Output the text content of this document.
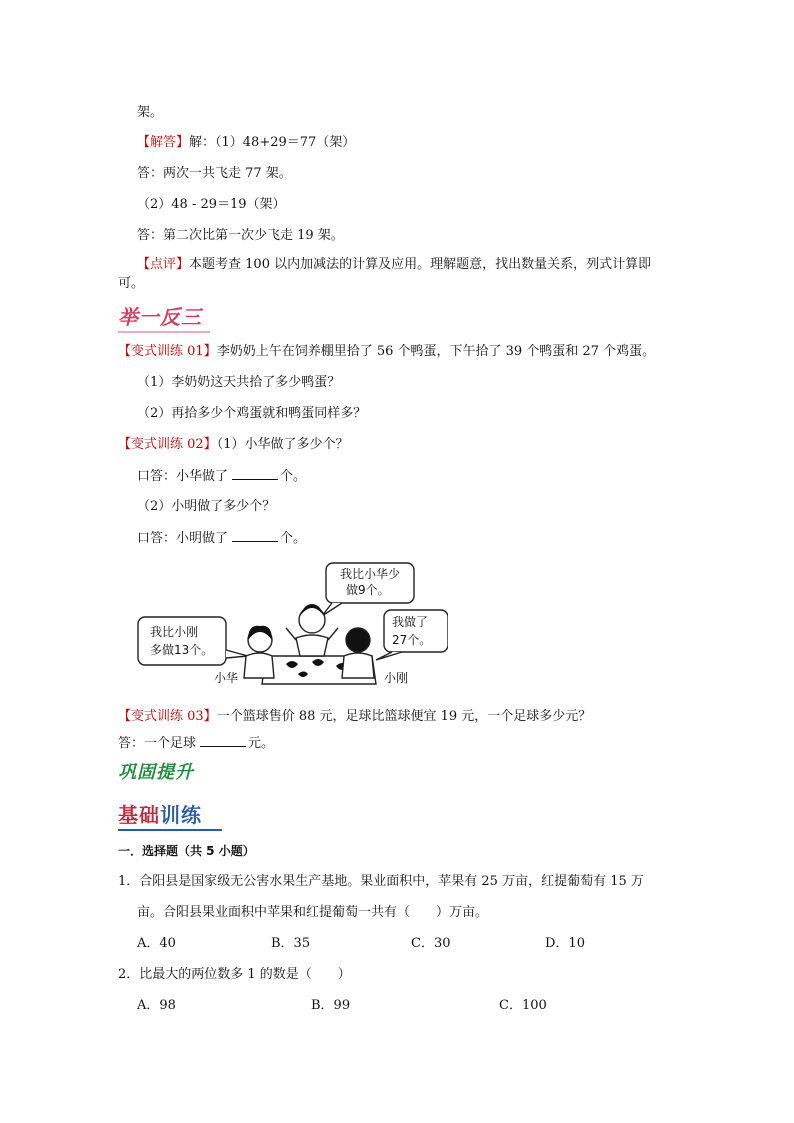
架。
【解答】解：（1）48+29＝77（架）
答：两次一共飞走 77 架。
（2）48 - 29＝19（架）
答：第二次比第一次少飞走 19 架。
【点评】本题考查 100 以内加减法的计算及应用。理解题意，找出数量关系，列式计算即
可。
举一反三
【变式训练 01】李奶奶上午在饲养棚里拾了 56 个鸭蛋，下午拾了 39 个鸭蛋和 27 个鸡蛋。
（1）李奶奶这天共拾了多少鸭蛋？
（2）再拾多少个鸡蛋就和鸭蛋同样多？
【变式训练 02】（1）小华做了多少个？
口答：小华做了	个。
（2）小明做了多少个？
口答：小明做了	个。
我比小华少
做9个。
我比小刚
多做13个。
我做了
27个。
小华	小刚
【变式训练 03】一个篮球售价 88 元，足球比篮球便宜 19 元，一个足球多少元？
答：一个足球	元。
巩固提升
基础训练
一．选择题（共 5 小题）
1．合阳县是国家级无公害水果生产基地。果业面积中，苹果有 25 万亩，红提葡萄有 15 万
亩。合阳县果业面积中苹果和红提葡萄一共有（　　）万亩。
A．40	B．35	C．30	D．10
2．比最大的两位数多 1 的数是（　　）
A．98	B．99	C．100
